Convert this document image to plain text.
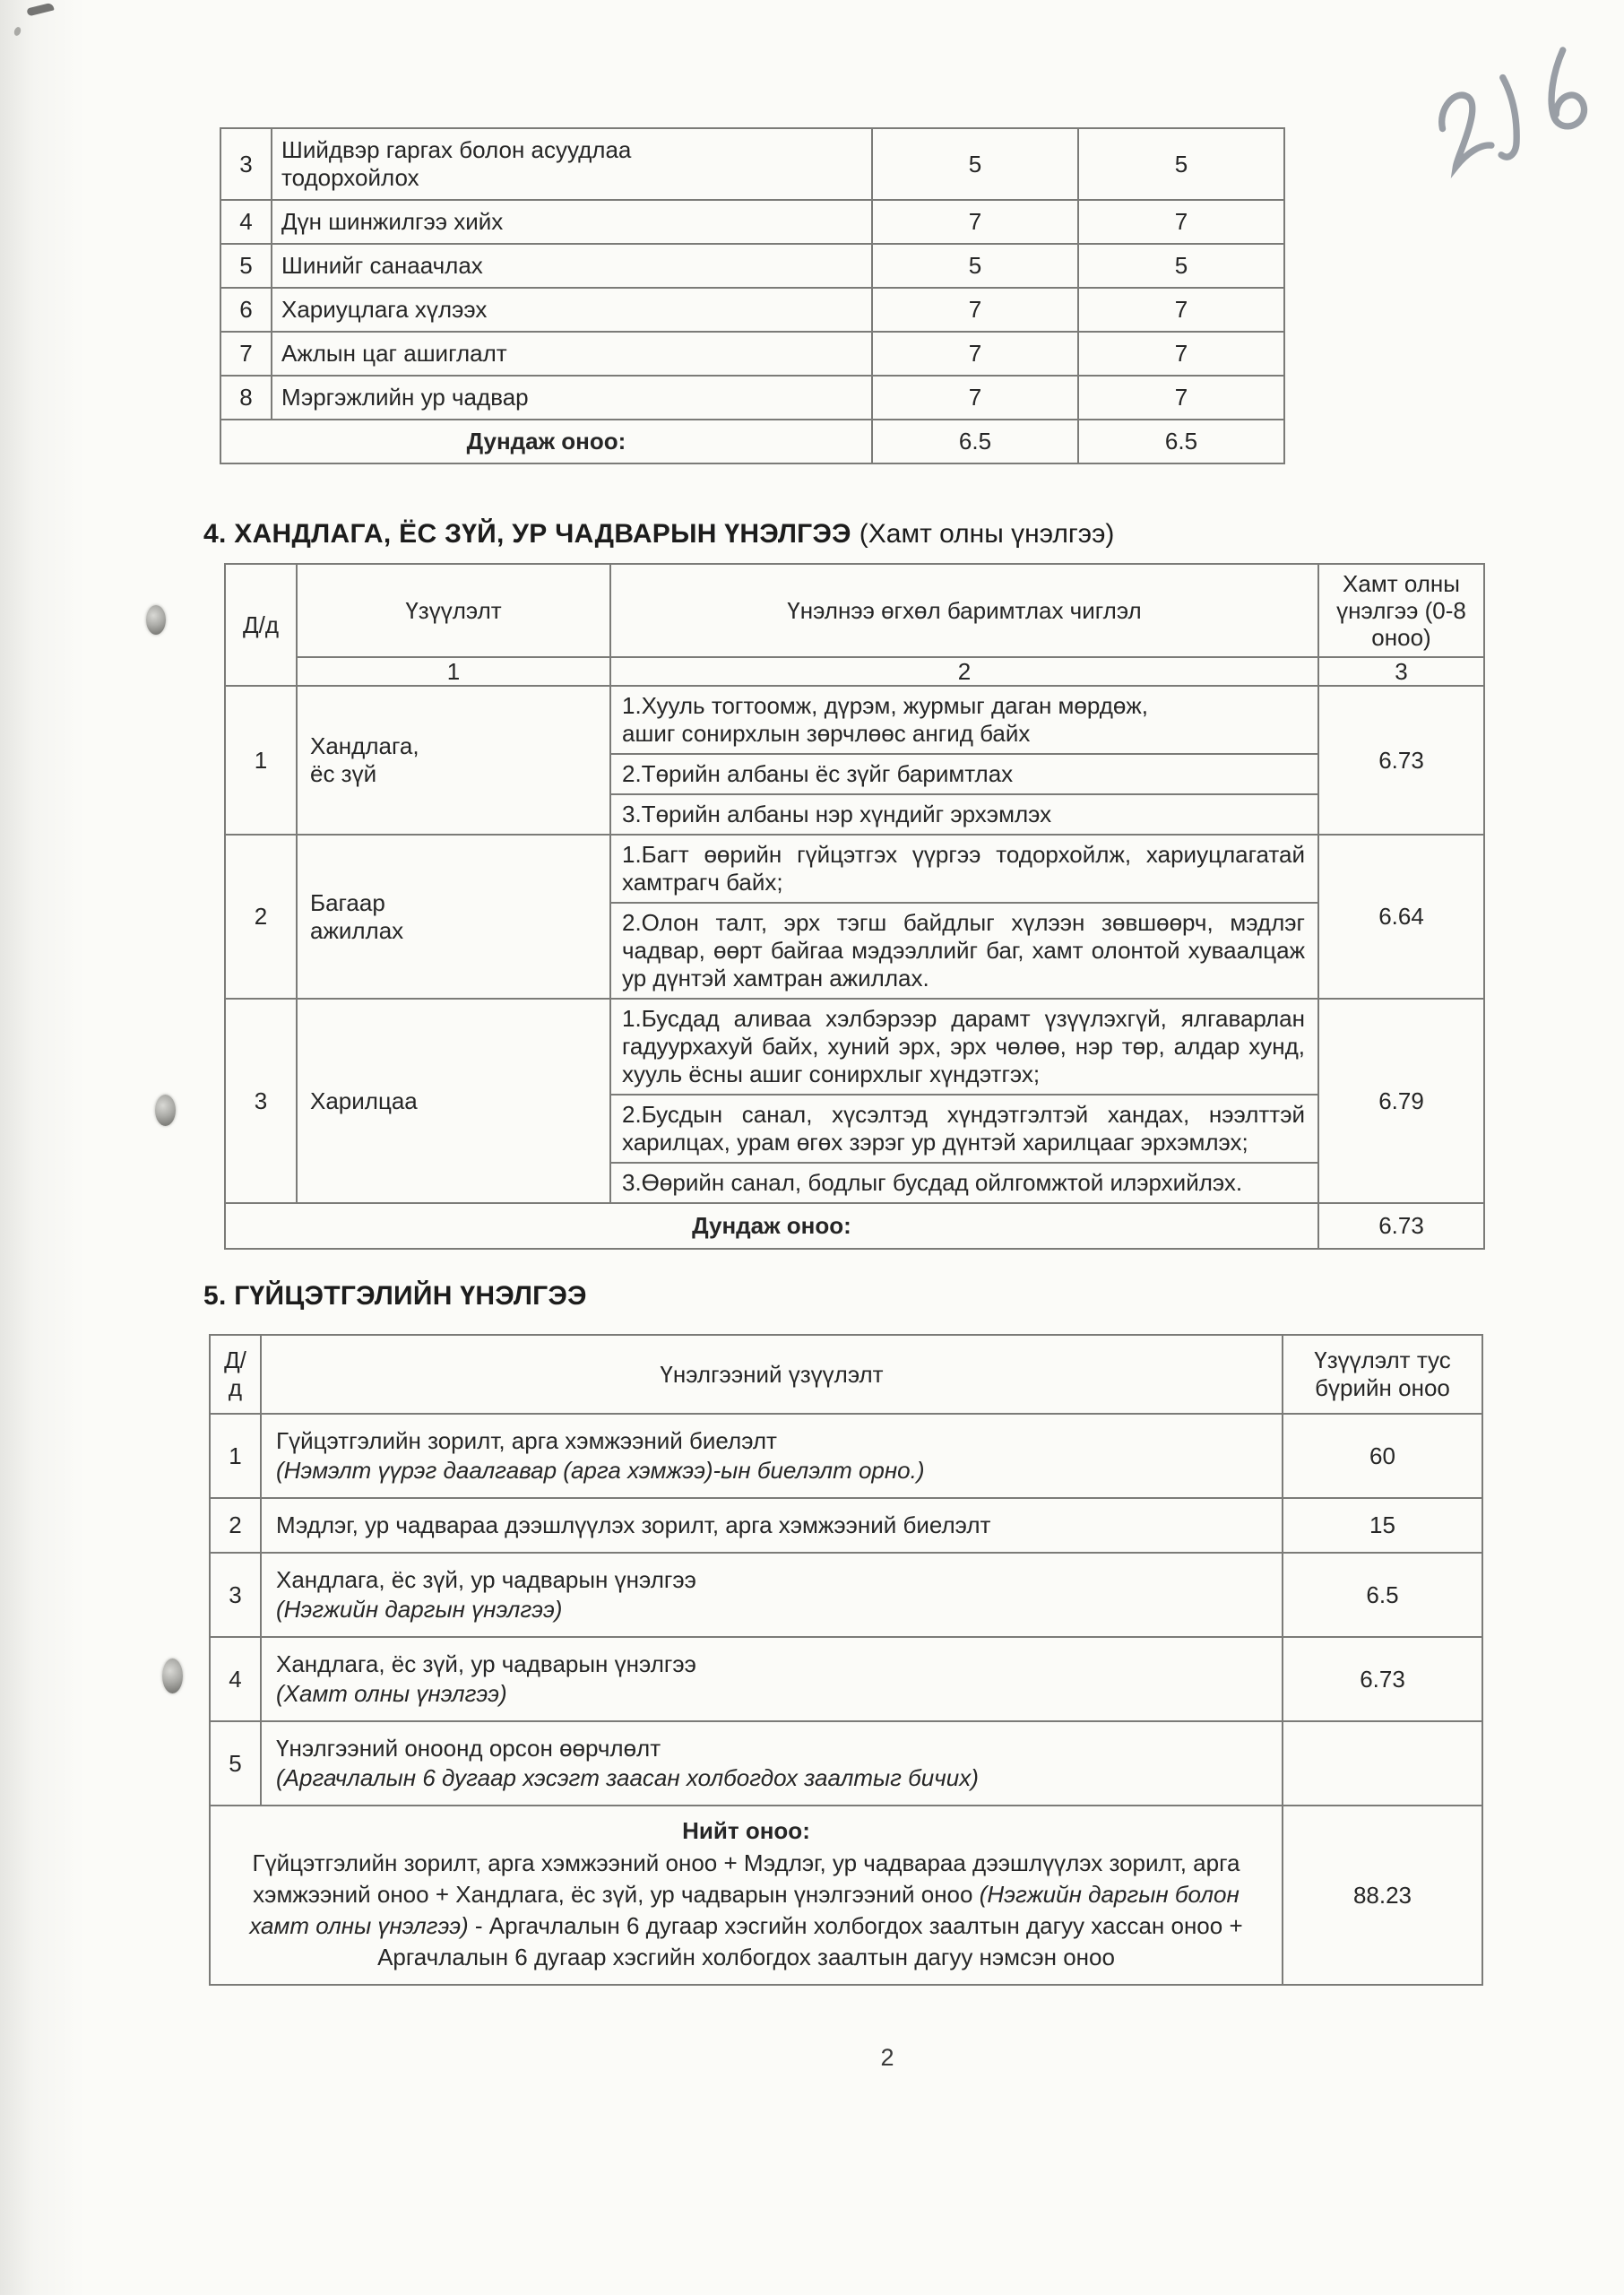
3	Шийдвэр гаргах болон асуудлаа тодорхойлох	5	5
4	Дүн шинжилгээ хийх	7	7
5	Шинийг санаачлах	5	5
6	Хариуцлага хүлээх	7	7
7	Ажлын цаг ашиглалт	7	7
8	Мэргэжлийн ур чадвар	7	7
Дундаж оноо:		6.5	6.5
4. ХАНДЛАГА, ЁС ЗҮЙ, УР ЧАДВАРЫН ҮНЭЛГЭЭ (Хамт олны үнэлгээ)
Д/д	Үзүүлэлт	Үнэлнээ өгхөл баримтлах чиглэл	Хамт олны үнэлгээ (0-8 оноо)
	1	2	3
1	Хандлага, ёс зүй	1.Хууль тогтоомж, дүрэм, журмыг даган мөрдөж, ашиг сонирхлын зөрчлөөс ангид байх	6.73
		2.Төрийн албаны ёс зүйг баримтлах	
		3.Төрийн албаны нэр хүндийг эрхэмлэх	
2	Багаар ажиллах	1.Багт өөрийн гүйцэтгэх үүргээ тодорхойлж, хариуцлагатай хамтрагч байх;	6.64
		2.Олон талт, эрх тэгш байдлыг хүлээн зөвшөөрч, мэдлэг чадвар, өөрт байгаа мэдээллийг баг, хамт олонтой хуваалцаж ур дүнтэй хамтран ажиллах.	
3	Харилцаа	1.Бусдад аливаа хэлбэрээр дарамт үзүүлэхгүй, ялгаварлан гадуурхахуй байх, хуний эрх, эрх чөлөө, нэр төр, алдар хунд, хууль ёсны ашиг сонирхлыг хүндэтгэх;	6.79
		2.Бусдын санал, хүсэлтэд хүндэтгэлтэй хандах, нээлттэй харилцах, урам өгөх зэрэг ур дүнтэй харилцааг эрхэмлэх;	
		3.Өөрийн санал, бодлыг бусдад ойлгомжтой илэрхийлэх.	
Дундаж оноо:			6.73
5. ГҮЙЦЭТГЭЛИЙН ҮНЭЛГЭЭ
Д/д	Үнэлгээний үзүүлэлт	Үзүүлэлт тус бүрийн оноо
1	Гүйцэтгэлийн зорилт, арга хэмжээний биелэлт
(Нэмэлт үүрэг даалгавар (арга хэмжээ)-ын биелэлт орно.)	60
2	Мэдлэг, ур чадвараа дээшлүүлэх зорилт, арга хэмжээний биелэлт	15
3	Хандлага, ёс зүй, ур чадварын үнэлгээ
(Нэгжийн даргын үнэлгээ)	6.5
4	Хандлага, ёс зүй, ур чадварын үнэлгээ
(Хамт олны үнэлгээ)	6.73
5	Үнэлгээний оноонд орсон өөрчлөлт
(Аргачлалын 6 дугаар хэсэгт заасан холбогдох заалтыг бичих)	

Нийт оноо:
Гүйцэтгэлийн зорилт, арга хэмжээний оноо + Мэдлэг, ур чадвараа дээшлүүлэх зорилт, арга хэмжээний оноо + Хандлага, ёс зүй, ур чадварын үнэлгээний оноо (Нэгжийн даргын болон хамт олны үнэлгээ) - Аргачлалын 6 дугаар хэсгийн холбогдох заалтын дагуу хассан оноо + Аргачлалын 6 дугаар хэсгийн холбогдох заалтын дагуу нэмсэн оноо		88.23
2
